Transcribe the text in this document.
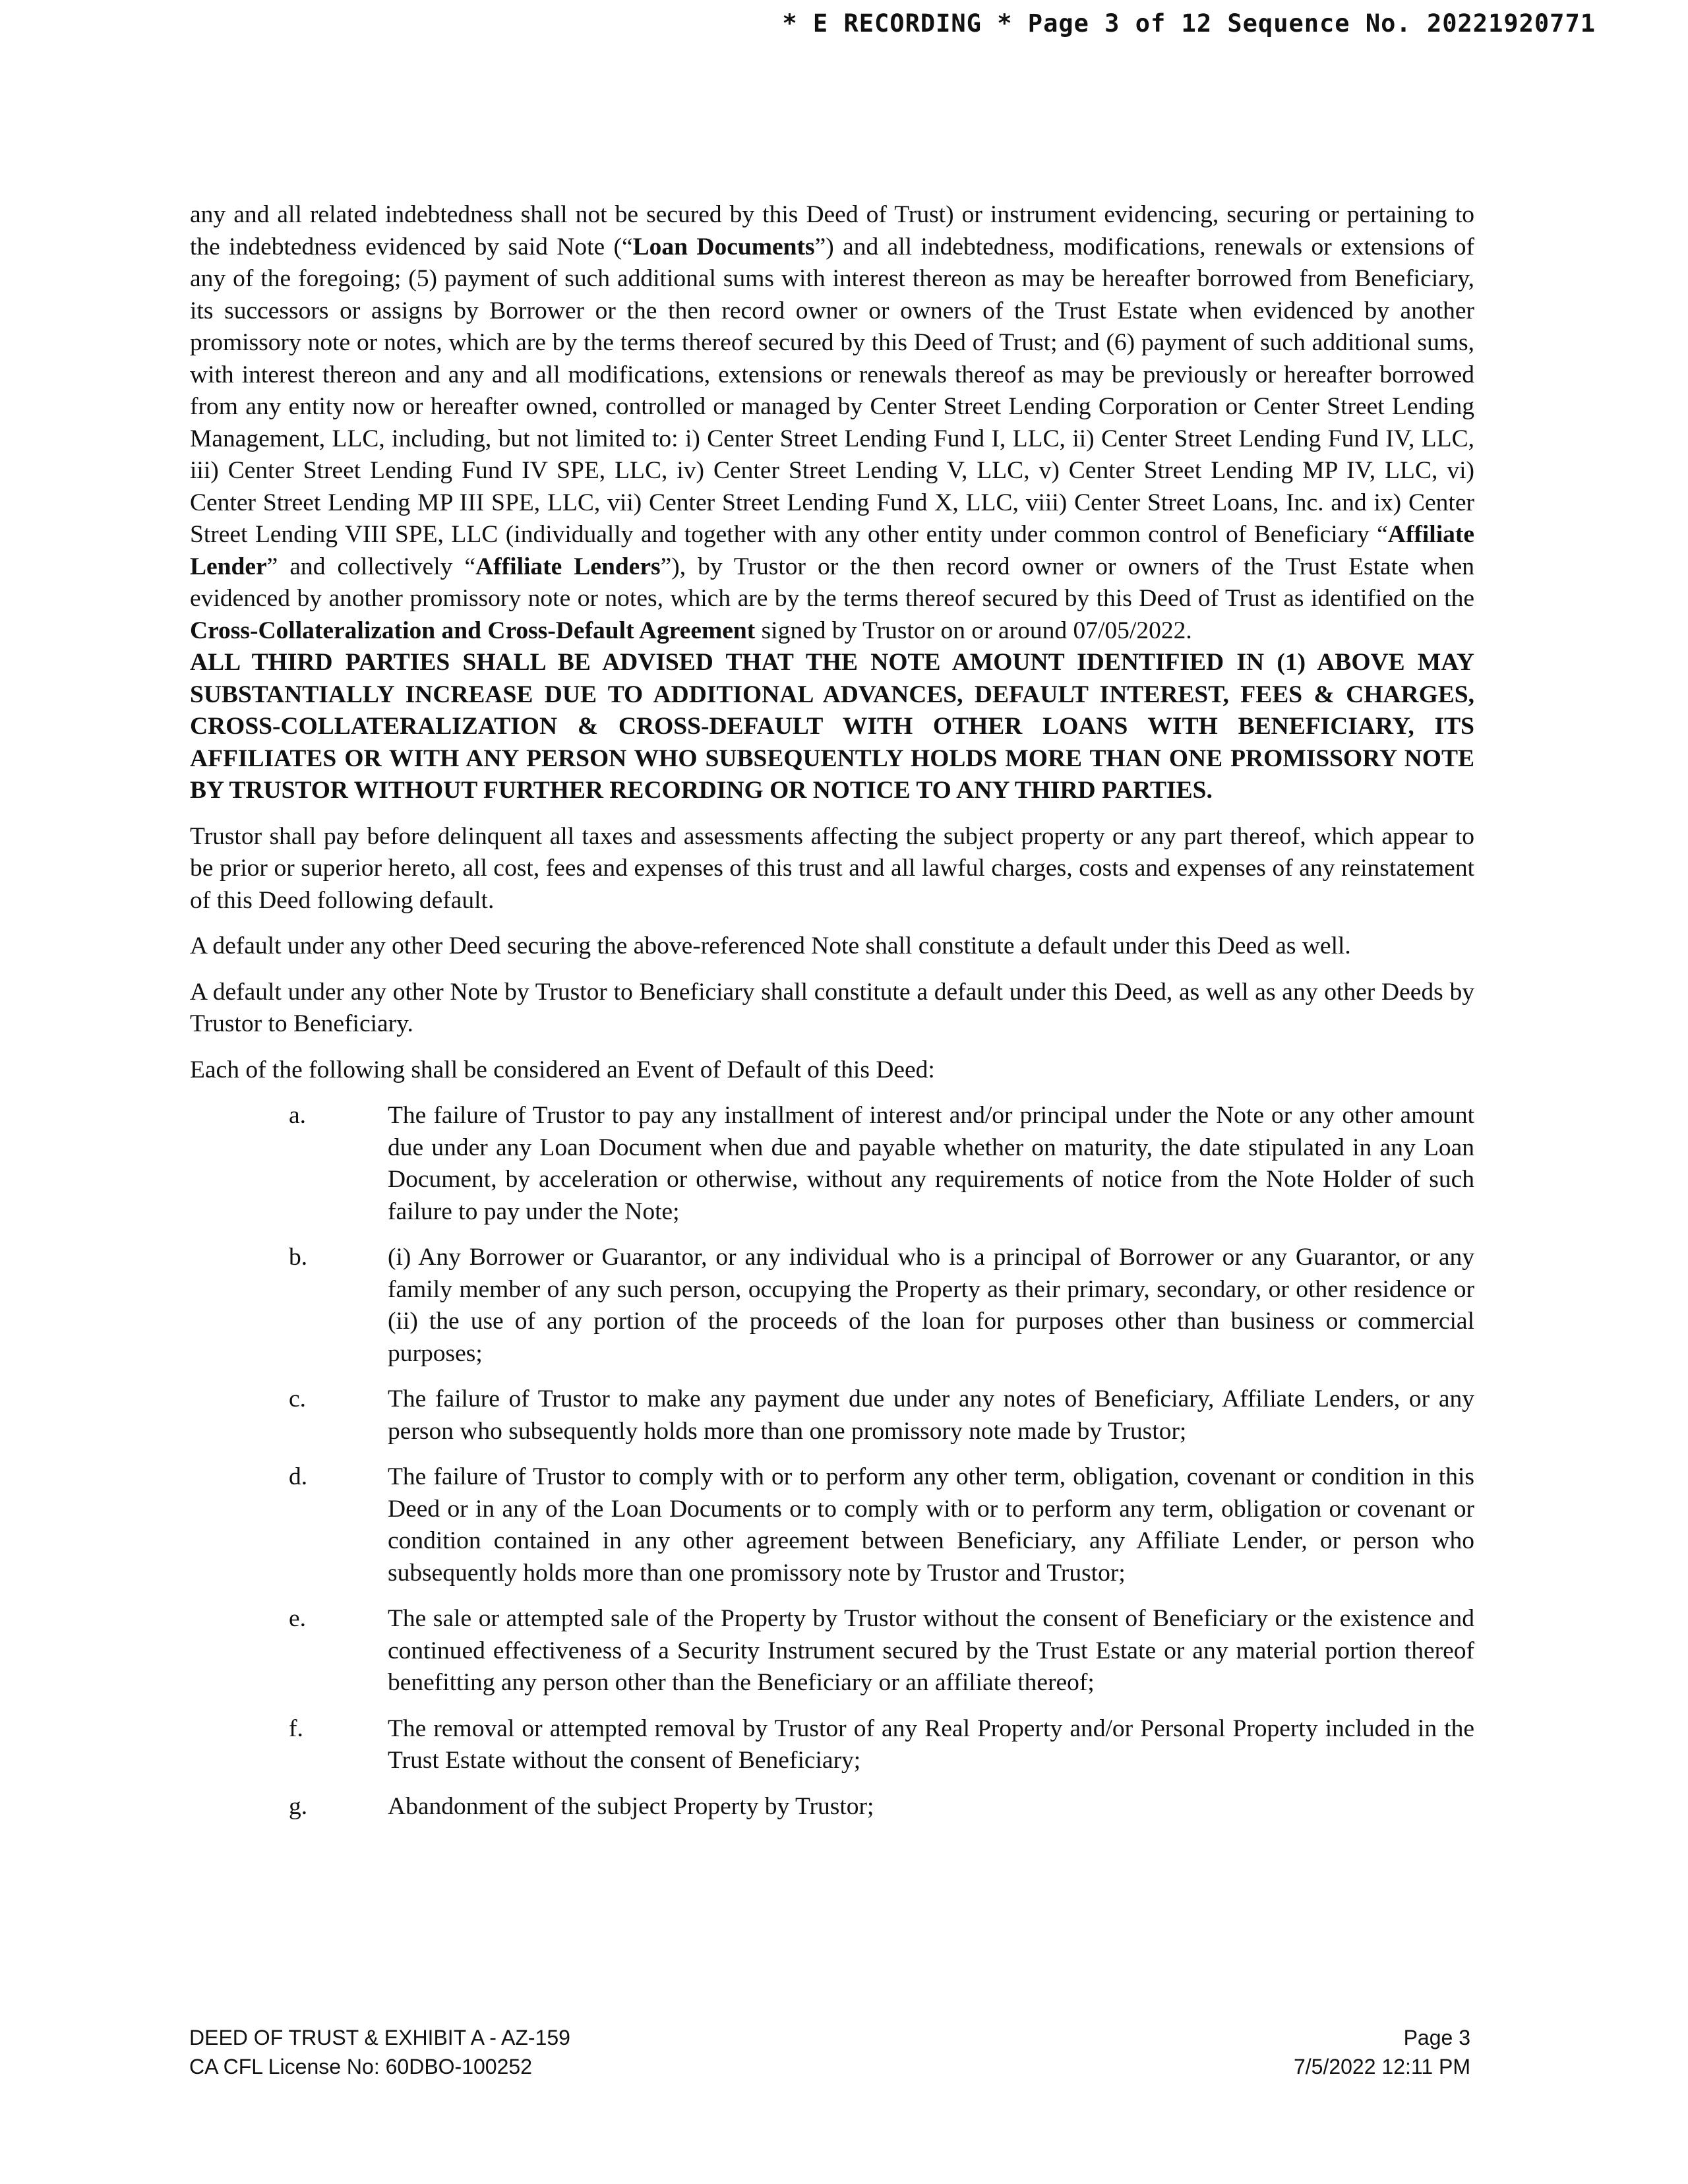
* E RECORDING * Page 3 of 12 Sequence No. 20221920771

any and all related indebtedness shall not be secured by this Deed of Trust) or instrument evidencing, securing or pertaining to the indebtedness evidenced by said Note (“Loan Documents”) and all indebtedness, modifications, renewals or extensions of any of the foregoing; (5) payment of such additional sums with interest thereon as may be hereafter borrowed from Beneficiary, its successors or assigns by Borrower or the then record owner or owners of the Trust Estate when evidenced by another promissory note or notes, which are by the terms thereof secured by this Deed of Trust; and (6) payment of such additional sums, with interest thereon and any and all modifications, extensions or renewals thereof as may be previously or hereafter borrowed from any entity now or hereafter owned, controlled or managed by Center Street Lending Corporation or Center Street Lending Management, LLC, including, but not limited to: i) Center Street Lending Fund I, LLC, ii) Center Street Lending Fund IV, LLC, iii) Center Street Lending Fund IV SPE, LLC, iv) Center Street Lending V, LLC, v) Center Street Lending MP IV, LLC, vi) Center Street Lending MP III SPE, LLC, vii) Center Street Lending Fund X, LLC, viii) Center Street Loans, Inc. and ix) Center Street Lending VIII SPE, LLC (individually and together with any other entity under common control of Beneficiary “Affiliate Lender” and collectively “Affiliate Lenders”), by Trustor or the then record owner or owners of the Trust Estate when evidenced by another promissory note or notes, which are by the terms thereof secured by this Deed of Trust as identified on the Cross-Collateralization and Cross-Default Agreement signed by Trustor on or around 07/05/2022.

ALL THIRD PARTIES SHALL BE ADVISED THAT THE NOTE AMOUNT IDENTIFIED IN (1) ABOVE MAY SUBSTANTIALLY INCREASE DUE TO ADDITIONAL ADVANCES, DEFAULT INTEREST, FEES & CHARGES, CROSS-COLLATERALIZATION & CROSS-DEFAULT WITH OTHER LOANS WITH BENEFICIARY, ITS AFFILIATES OR WITH ANY PERSON WHO SUBSEQUENTLY HOLDS MORE THAN ONE PROMISSORY NOTE BY TRUSTOR WITHOUT FURTHER RECORDING OR NOTICE TO ANY THIRD PARTIES.

Trustor shall pay before delinquent all taxes and assessments affecting the subject property or any part thereof, which appear to be prior or superior hereto, all cost, fees and expenses of this trust and all lawful charges, costs and expenses of any reinstatement of this Deed following default.

A default under any other Deed securing the above-referenced Note shall constitute a default under this Deed as well.

A default under any other Note by Trustor to Beneficiary shall constitute a default under this Deed, as well as any other Deeds by Trustor to Beneficiary.

Each of the following shall be considered an Event of Default of this Deed:

a.	The failure of Trustor to pay any installment of interest and/or principal under the Note or any other amount due under any Loan Document when due and payable whether on maturity, the date stipulated in any Loan Document, by acceleration or otherwise, without any requirements of notice from the Note Holder of such failure to pay under the Note;
b.	(i) Any Borrower or Guarantor, or any individual who is a principal of Borrower or any Guarantor, or any family member of any such person, occupying the Property as their primary, secondary, or other residence or (ii) the use of any portion of the proceeds of the loan for purposes other than business or commercial purposes;
c.	The failure of Trustor to make any payment due under any notes of Beneficiary, Affiliate Lenders, or any person who subsequently holds more than one promissory note made by Trustor;
d.	The failure of Trustor to comply with or to perform any other term, obligation, covenant or condition in this Deed or in any of the Loan Documents or to comply with or to perform any term, obligation or covenant or condition contained in any other agreement between Beneficiary, any Affiliate Lender, or person who subsequently holds more than one promissory note by Trustor and Trustor;
e.	The sale or attempted sale of the Property by Trustor without the consent of Beneficiary or the existence and continued effectiveness of a Security Instrument secured by the Trust Estate or any material portion thereof benefitting any person other than the Beneficiary or an affiliate thereof;
f.	The removal or attempted removal by Trustor of any Real Property and/or Personal Property included in the Trust Estate without the consent of Beneficiary;
g.	Abandonment of the subject Property by Trustor;
DEED OF TRUST & EXHIBIT A - AZ-159
CA CFL License No: 60DBO-100252
Page 3
7/5/2022 12:11 PM
